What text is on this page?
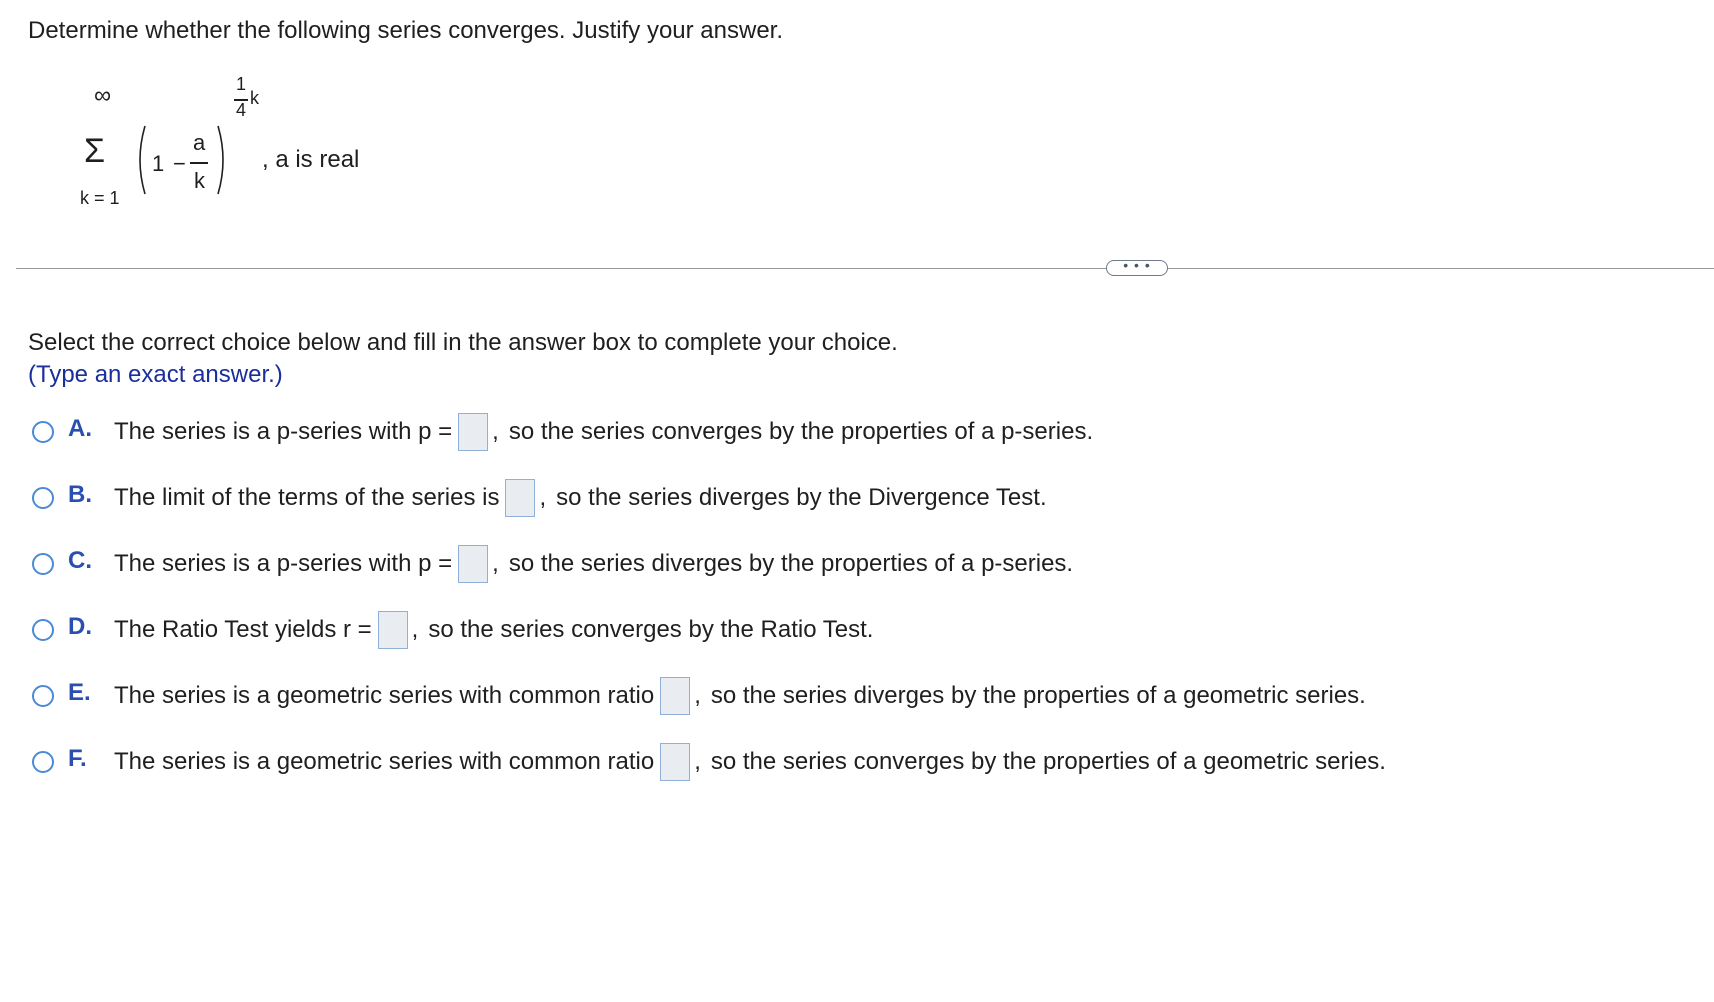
Determine whether the following series converges. Justify your answer.
∞
Σ
k = 1
1 −
a
k
1
4
k
, a is real
• • •
Select the correct choice below and fill in the answer box to complete your choice.
(Type an exact answer.)
A. The series is a p-series with p = , so the series converges by the properties of a p-series.
B. The limit of the terms of the series is , so the series diverges by the Divergence Test.
C. The series is a p-series with p = , so the series diverges by the properties of a p-series.
D. The Ratio Test yields r = , so the series converges by the Ratio Test.
E. The series is a geometric series with common ratio , so the series diverges by the properties of a geometric series.
F.	The series is a geometric series with common ratio , so the series converges by the properties of a geometric series.
